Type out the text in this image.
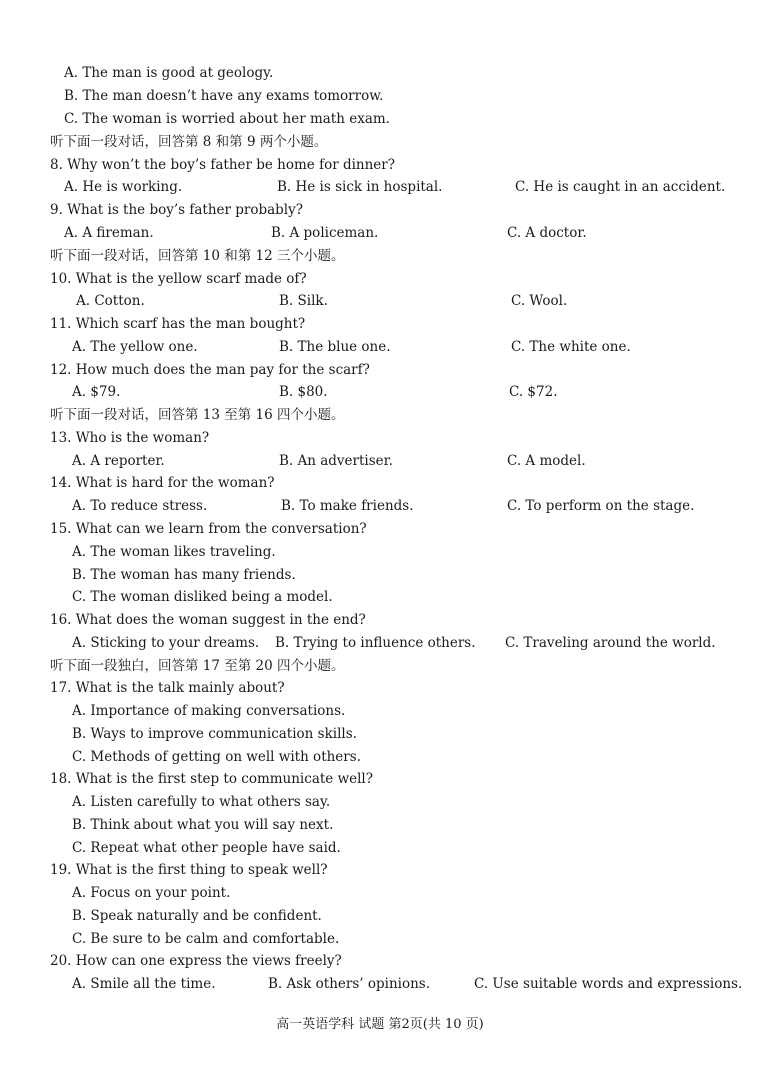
A. The man is good at geology.
B. The man doesn’t have any exams tomorrow.
C. The woman is worried about her math exam.
听下面一段对话，回答第 8 和第 9 两个小题。
8. Why won’t the boy’s father be home for dinner?
A. He is working.	B. He is sick in hospital.	C. He is caught in an accident.
9. What is the boy’s father probably?
A. A fireman.	B. A policeman.	C. A doctor.
听下面一段对话，回答第 10 和第 12 三个小题。
10. What is the yellow scarf made of?
A. Cotton.	B. Silk.	C. Wool.
11. Which scarf has the man bought?
A. The yellow one.	B. The blue one.	C. The white one.
12. How much does the man pay for the scarf?
A. $79.	B. $80.	C. $72.
听下面一段对话，回答第 13 至第 16 四个小题。
13. Who is the woman?
A. A reporter.	B. An advertiser.	C. A model.
14. What is hard for the woman?
A. To reduce stress.	B. To make friends.	C. To perform on the stage.
15. What can we learn from the conversation?
A. The woman likes traveling.
B. The woman has many friends.
C. The woman disliked being a model.
16. What does the woman suggest in the end?
A. Sticking to your dreams. B. Trying to influence others. C. Traveling around the world.
听下面一段独白，回答第 17 至第 20 四个小题。
17. What is the talk mainly about?
A. Importance of making conversations.
B. Ways to improve communication skills.
C. Methods of getting on well with others.
18. What is the first step to communicate well?
A. Listen carefully to what others say.
B. Think about what you will say next.
C. Repeat what other people have said.
19. What is the first thing to speak well?
A. Focus on your point.
B. Speak naturally and be confident.
C. Be sure to be calm and comfortable.
20. How can one express the views freely?
A. Smile all the time.	B. Ask others’ opinions.	C. Use suitable words and expressions.
高一英语学科 试题 第2页(共 10 页)
